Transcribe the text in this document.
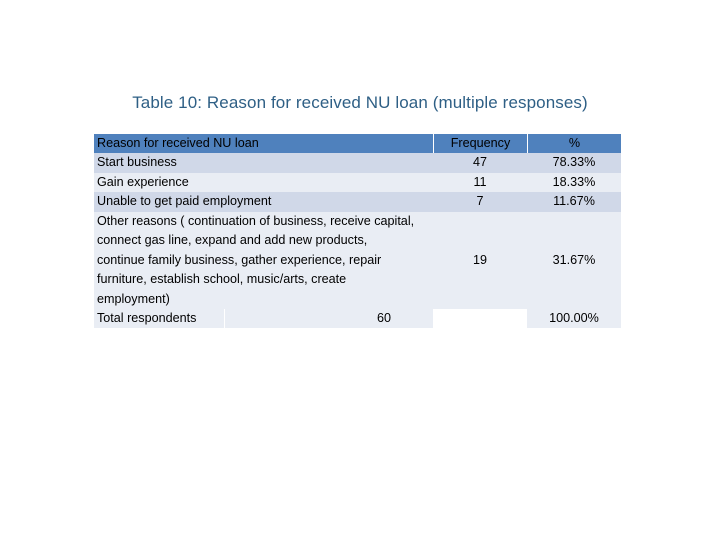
Table 10: Reason for received NU loan (multiple responses)
Reason for received NU loan	Frequency	%
Start business	47	78.33%
Gain experience	11	18.33%
Unable to get paid employment	7	11.67%
Other reasons ( continuation of business, receive capital,
connect gas line, expand and add new products,
continue family business, gather experience, repair
furniture, establish school, music/arts, create
employment)
19	31.67%
Total respondents	60	100.00%
